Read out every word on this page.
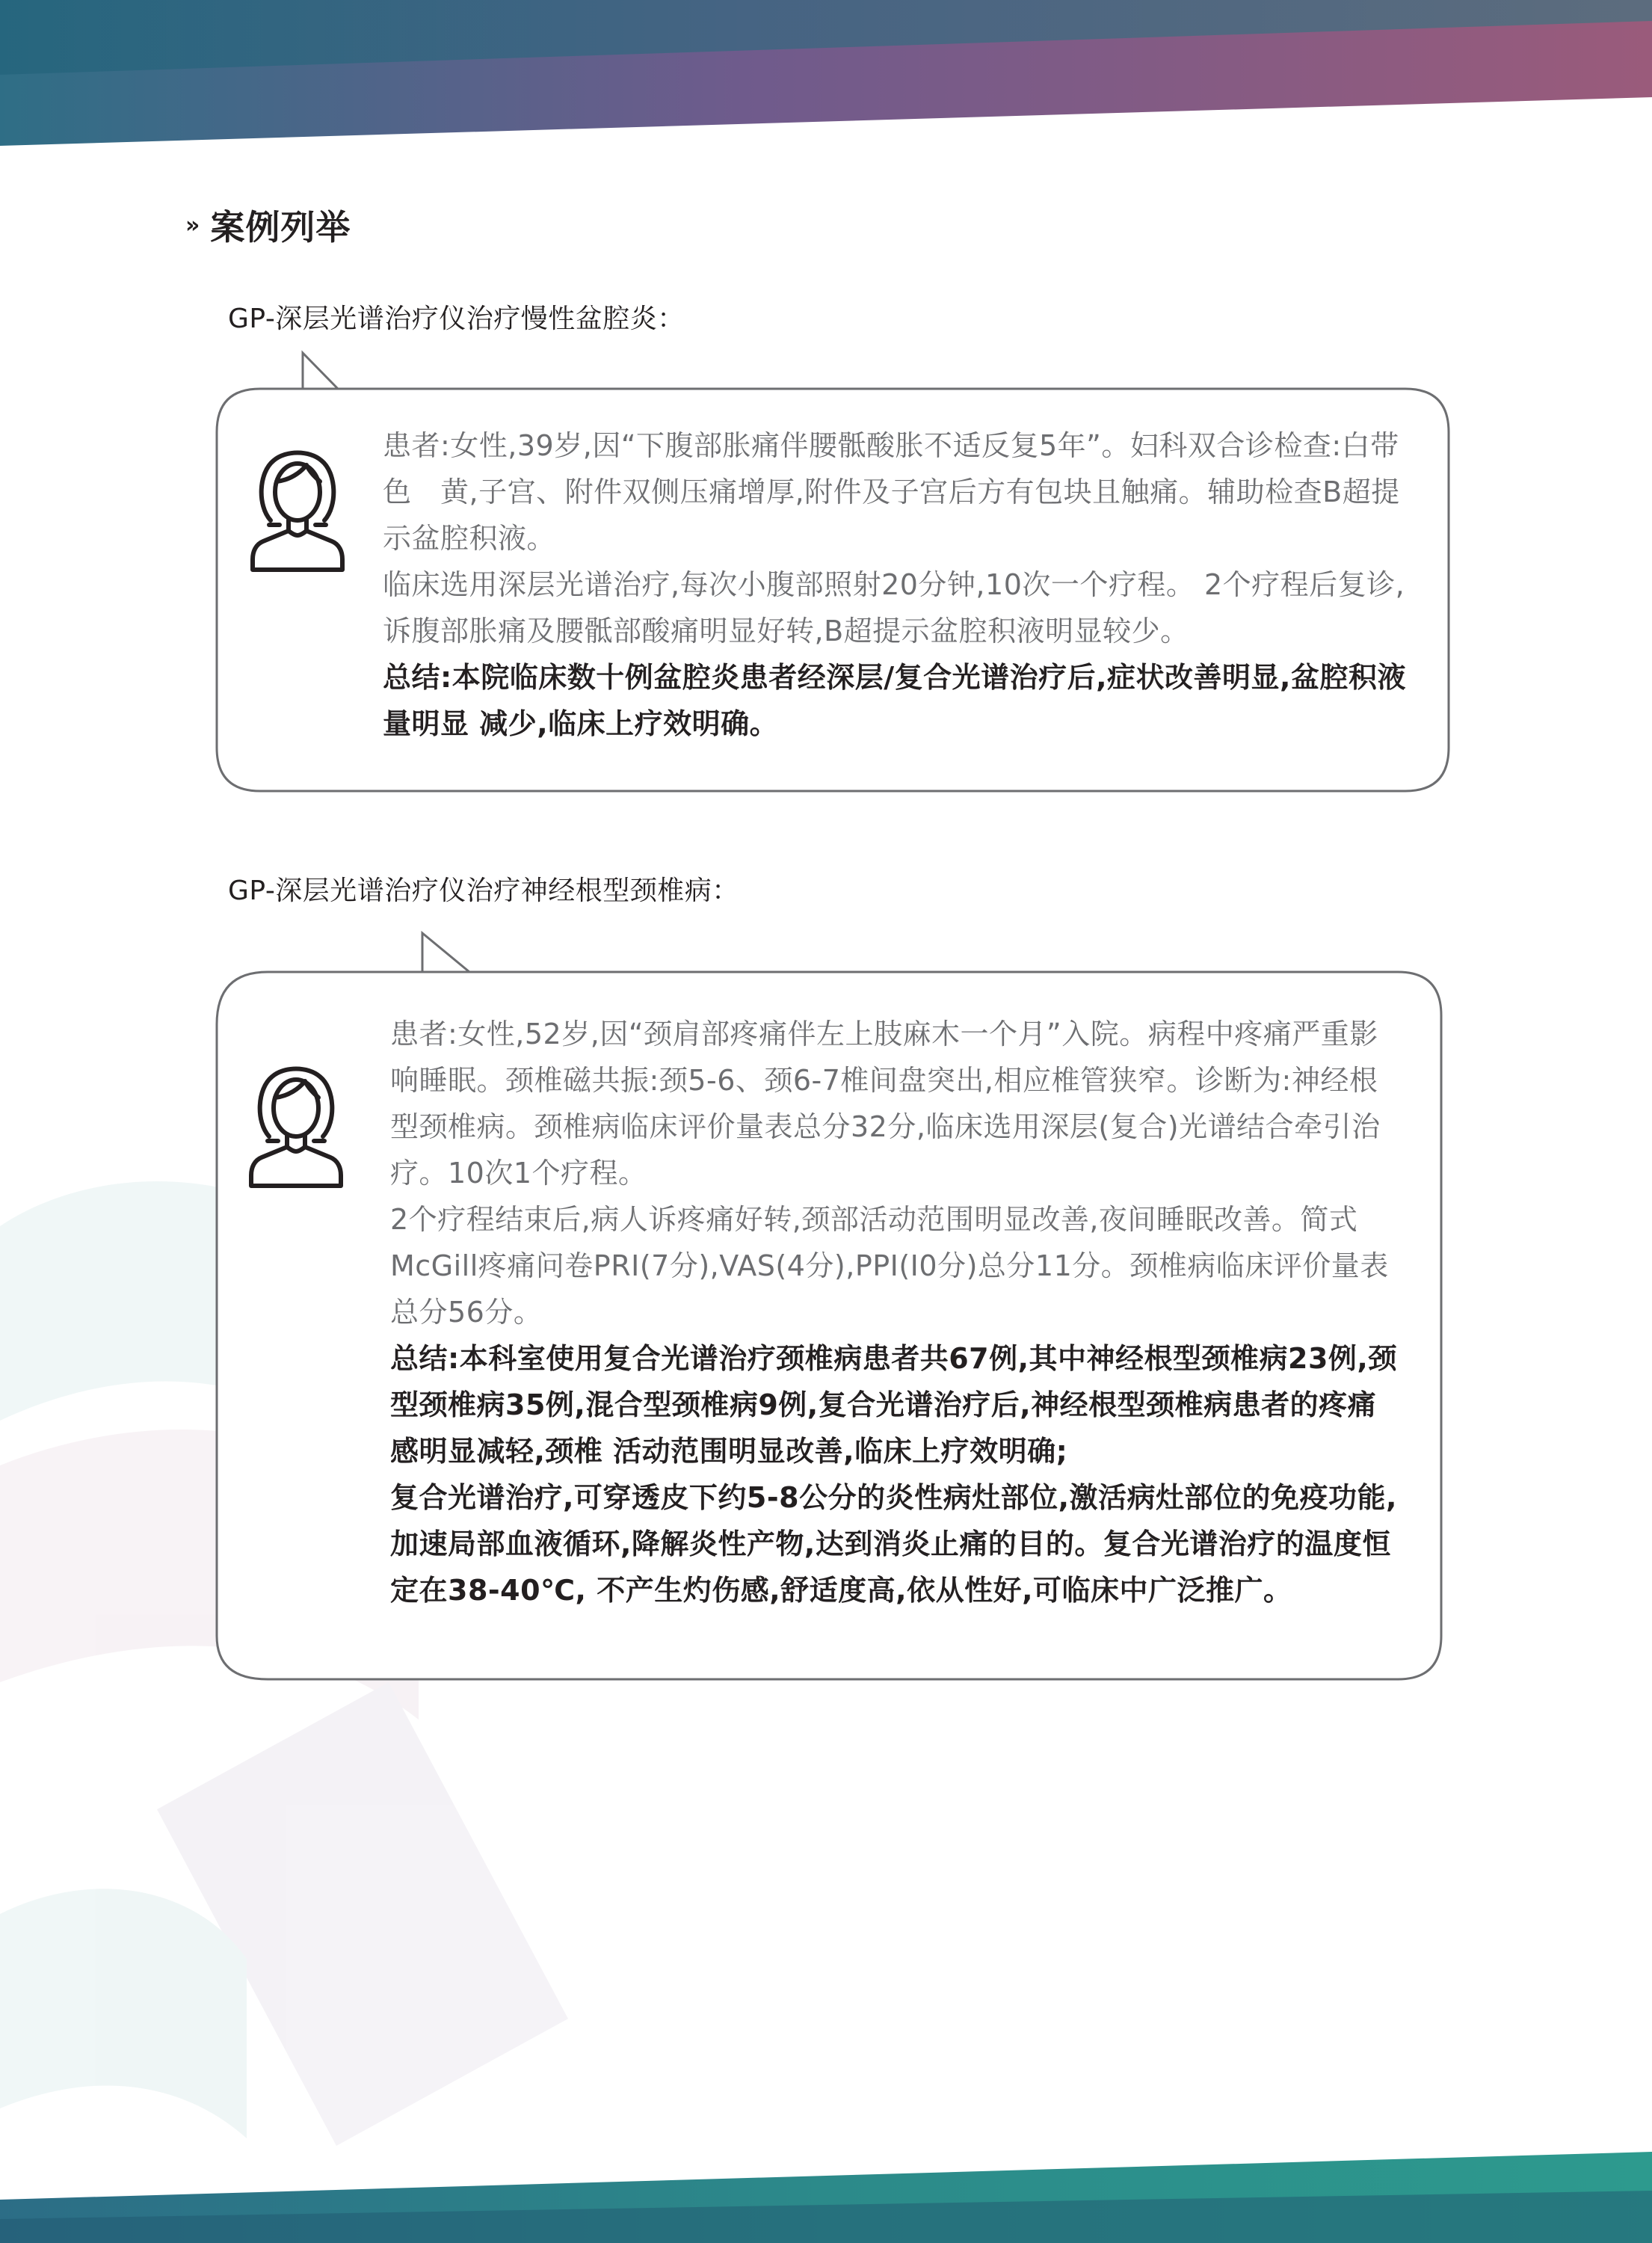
» 案例列举
GP-深层光谱治疗仪治疗慢性盆腔炎：

患者:女性,39岁,因“下腹部胀痛伴腰骶酸胀不适反复5年”。妇科双合诊检查:白带色　黄,子宫、附件双侧压痛增厚,附件及子宫后方有包块且触痛。辅助检查B超提示盆腔积液。

临床选用深层光谱治疗,每次小腹部照射20分钟,10次一个疗程。 2个疗程后复诊,诉腹部胀痛及腰骶部酸痛明显好转,B超提示盆腔积液明显较少。

总结:本院临床数十例盆腔炎患者经深层/复合光谱治疗后,症状改善明显,盆腔积液量明显 减少,临床上疗效明确。

GP-深层光谱治疗仪治疗神经根型颈椎病：

患者:女性,52岁,因“颈肩部疼痛伴左上肢麻木一个月”入院。病程中疼痛严重影响睡眠。颈椎磁共振:颈5-6、颈6-7椎间盘突出,相应椎管狭窄。诊断为:神经根型颈椎病。颈椎病临床评价量表总分32分,临床选用深层(复合)光谱结合牵引治疗。10次1个疗程。

2个疗程结束后,病人诉疼痛好转,颈部活动范围明显改善,夜间睡眠改善。简式McGill疼痛问卷PRI(7分),VAS(4分),PPI(I0分)总分11分。颈椎病临床评价量表总分56分。

总结:本科室使用复合光谱治疗颈椎病患者共67例,其中神经根型颈椎病23例,颈型颈椎病35例,混合型颈椎病9例,复合光谱治疗后,神经根型颈椎病患者的疼痛感明显减轻,颈椎 活动范围明显改善,临床上疗效明确;

复合光谱治疗,可穿透皮下约5-8公分的炎性病灶部位,激活病灶部位的免疫功能,加速局部血液循环,降解炎性产物,达到消炎止痛的目的。复合光谱治疗的温度恒定在38-40℃, 不产生灼伤感,舒适度高,依从性好,可临床中广泛推广。
